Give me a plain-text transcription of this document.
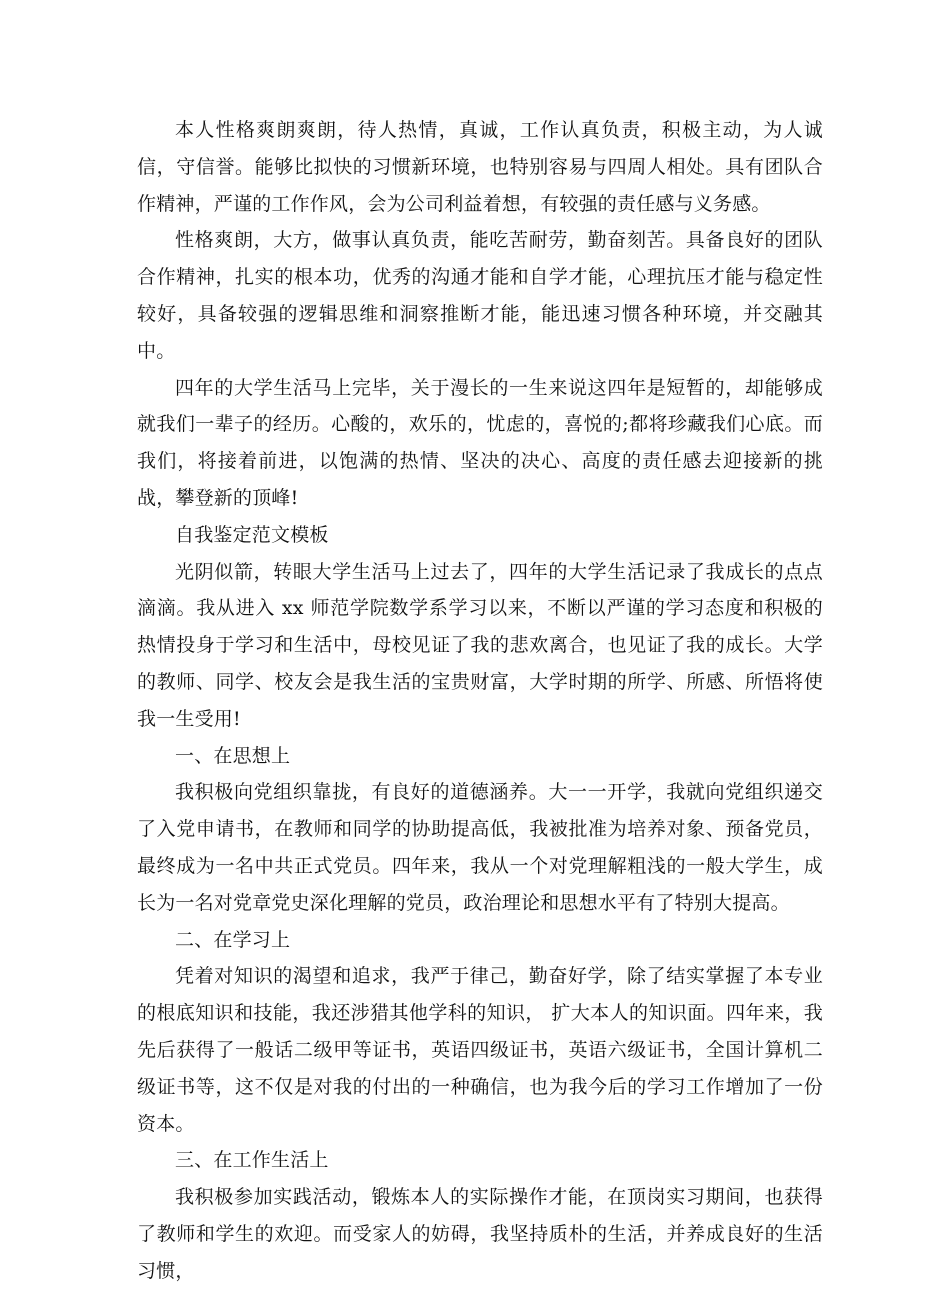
本人性格爽朗爽朗，待人热情，真诚，工作认真负责，积极主动，为人诚信，守信誉。能够比拟快的习惯新环境，也特别容易与四周人相处。具有团队合作精神，严谨的工作作风，会为公司利益着想，有较强的责任感与义务感。

性格爽朗，大方，做事认真负责，能吃苦耐劳，勤奋刻苦。具备良好的团队合作精神，扎实的根本功，优秀的沟通才能和自学才能，心理抗压才能与稳定性较好，具备较强的逻辑思维和洞察推断才能，能迅速习惯各种环境，并交融其中。

四年的大学生活马上完毕，关于漫长的一生来说这四年是短暂的，却能够成就我们一辈子的经历。心酸的，欢乐的，忧虑的，喜悦的;都将珍藏我们心底。而我们，将接着前进，以饱满的热情、坚决的决心、高度的责任感去迎接新的挑战，攀登新的顶峰!

自我鉴定范文模板

光阴似箭，转眼大学生活马上过去了，四年的大学生活记录了我成长的点点滴滴。我从进入 xx 师范学院数学系学习以来，不断以严谨的学习态度和积极的热情投身于学习和生活中，母校见证了我的悲欢离合，也见证了我的成长。大学的教师、同学、校友会是我生活的宝贵财富，大学时期的所学、所感、所悟将使我一生受用!

一、在思想上

我积极向党组织靠拢，有良好的道德涵养。大一一开学，我就向党组织递交了入党申请书，在教师和同学的协助提高低，我被批准为培养对象、预备党员，最终成为一名中共正式党员。四年来，我从一个对党理解粗浅的一般大学生，成长为一名对党章党史深化理解的党员，政治理论和思想水平有了特别大提高。

二、在学习上

凭着对知识的渴望和追求，我严于律己，勤奋好学，除了结实掌握了本专业的根底知识和技能，我还涉猎其他学科的知识， 扩大本人的知识面。四年来，我先后获得了一般话二级甲等证书，英语四级证书，英语六级证书，全国计算机二级证书等，这不仅是对我的付出的一种确信，也为我今后的学习工作增加了一份资本。

三、在工作生活上

我积极参加实践活动，锻炼本人的实际操作才能，在顶岗实习期间，也获得了教师和学生的欢迎。而受家人的妨碍，我坚持质朴的生活，并养成良好的生活习惯，
